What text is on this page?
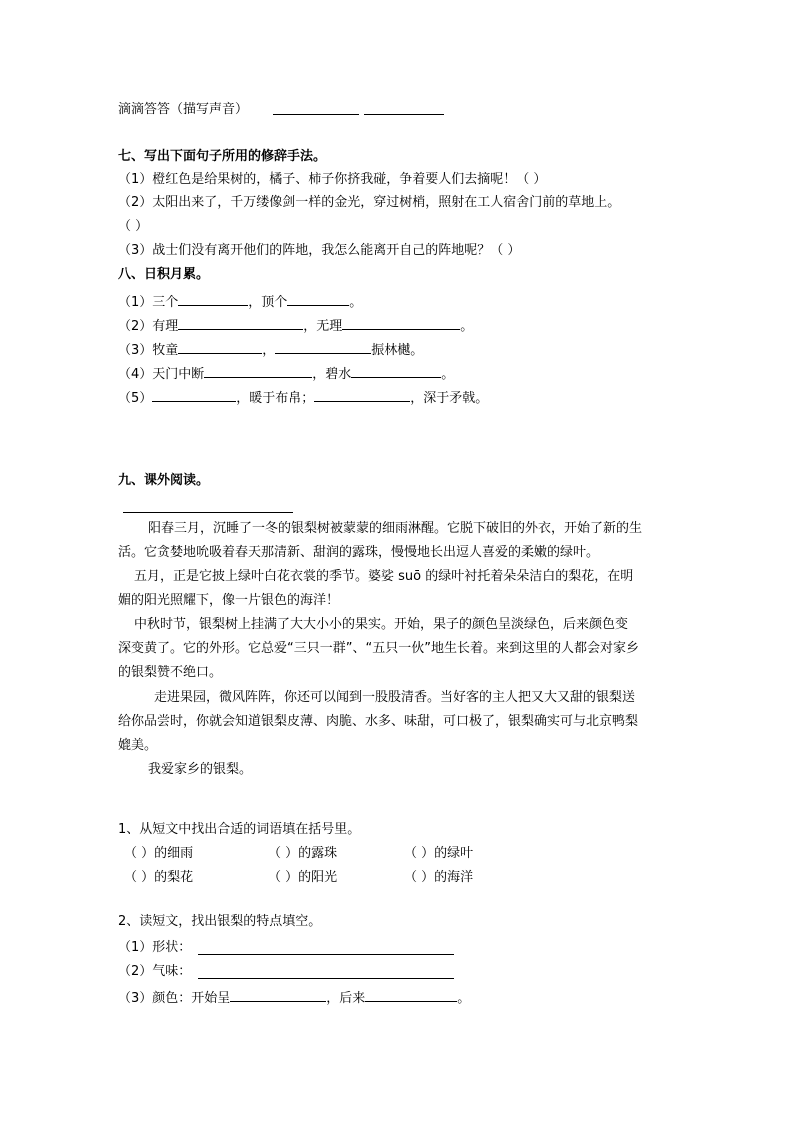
滴滴答答（描写声音）
七、写出下面句子所用的修辞手法。
（1）橙红色是给果树的，橘子、柿子你挤我碰，争着要人们去摘呢！（ ）
（2）太阳出来了，千万缕像剑一样的金光，穿过树梢，照射在工人宿舍门前的草地上。
（ ）
（3）战士们没有离开他们的阵地，我怎么能离开自己的阵地呢？（ ）
八、日积月累。
（1）三个	，顶个	。
（2）有理	，无理	。
（3）牧童	，	振林樾。
（4）天门中断	，碧水	。
（5）	，暖于布帛；	，深于矛戟。
九、课外阅读。
阳春三月，沉睡了一冬的银梨树被蒙蒙的细雨淋醒。它脱下破旧的外衣，开始了新的生
活。它贪婪地吮吸着春天那清新、甜润的露珠，慢慢地长出逗人喜爱的柔嫩的绿叶。
五月，正是它披上绿叶白花衣裳的季节。婆娑 suō 的绿叶衬托着朵朵洁白的梨花，在明
媚的阳光照耀下，像一片银色的海洋！
中秋时节，银梨树上挂满了大大小小的果实。开始，果子的颜色呈淡绿色，后来颜色变
深变黄了。它的外形。它总爱“三只一群”、“五只一伙”地生长着。来到这里的人都会对家乡
的银梨赞不绝口。
走进果园，微风阵阵，你还可以闻到一股股清香。当好客的主人把又大又甜的银梨送
给你品尝时，你就会知道银梨皮薄、肉脆、水多、味甜，可口极了，银梨确实可与北京鸭梨
媲美。
我爱家乡的银梨。
1、从短文中找出合适的词语填在括号里。
（ ）的细雨	（ ）的露珠	（ ）的绿叶
（ ）的梨花	（ ）的阳光	（ ）的海洋
2、读短文，找出银梨的特点填空。
（1）形状：
（2）气味：
（3）颜色：开始呈	，后来	。
